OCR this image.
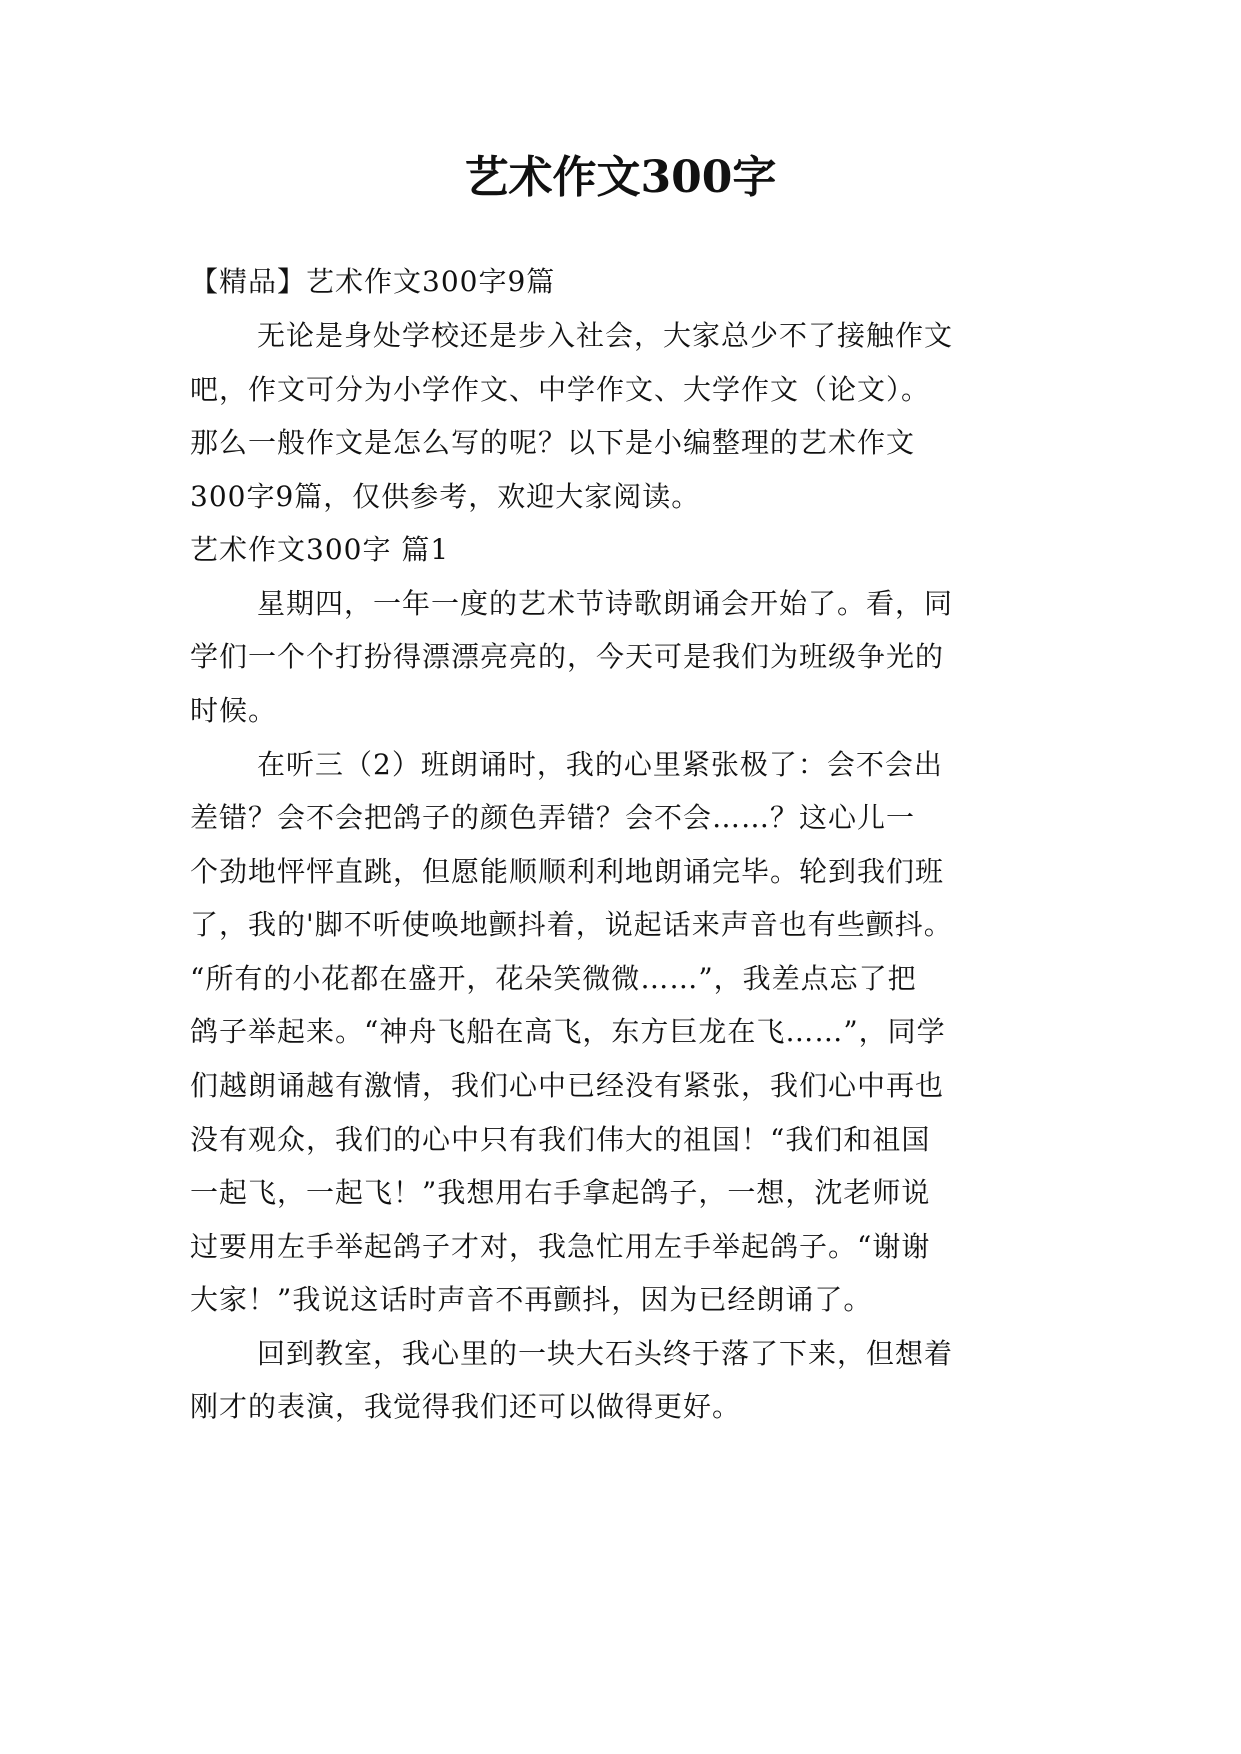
艺术作文300字
【精品】艺术作文300字9篇
无论是身处学校还是步入社会，大家总少不了接触作文
吧，作文可分为小学作文、中学作文、大学作文（论文）。
那么一般作文是怎么写的呢？以下是小编整理的艺术作文
300字9篇，仅供参考，欢迎大家阅读。
艺术作文300字 篇1
星期四，一年一度的艺术节诗歌朗诵会开始了。看，同
学们一个个打扮得漂漂亮亮的，今天可是我们为班级争光的
时候。
在听三（2）班朗诵时，我的心里紧张极了：会不会出
差错？会不会把鸽子的颜色弄错？会不会……？这心儿一
个劲地怦怦直跳，但愿能顺顺利利地朗诵完毕。轮到我们班
了，我的'脚不听使唤地颤抖着，说起话来声音也有些颤抖。
“所有的小花都在盛开，花朵笑微微……”，我差点忘了把
鸽子举起来。“神舟飞船在高飞，东方巨龙在飞……”，同学
们越朗诵越有激情，我们心中已经没有紧张，我们心中再也
没有观众，我们的心中只有我们伟大的祖国！“我们和祖国
一起飞，一起飞！”我想用右手拿起鸽子，一想，沈老师说
过要用左手举起鸽子才对，我急忙用左手举起鸽子。“谢谢
大家！”我说这话时声音不再颤抖，因为已经朗诵了。
回到教室，我心里的一块大石头终于落了下来，但想着
刚才的表演，我觉得我们还可以做得更好。
